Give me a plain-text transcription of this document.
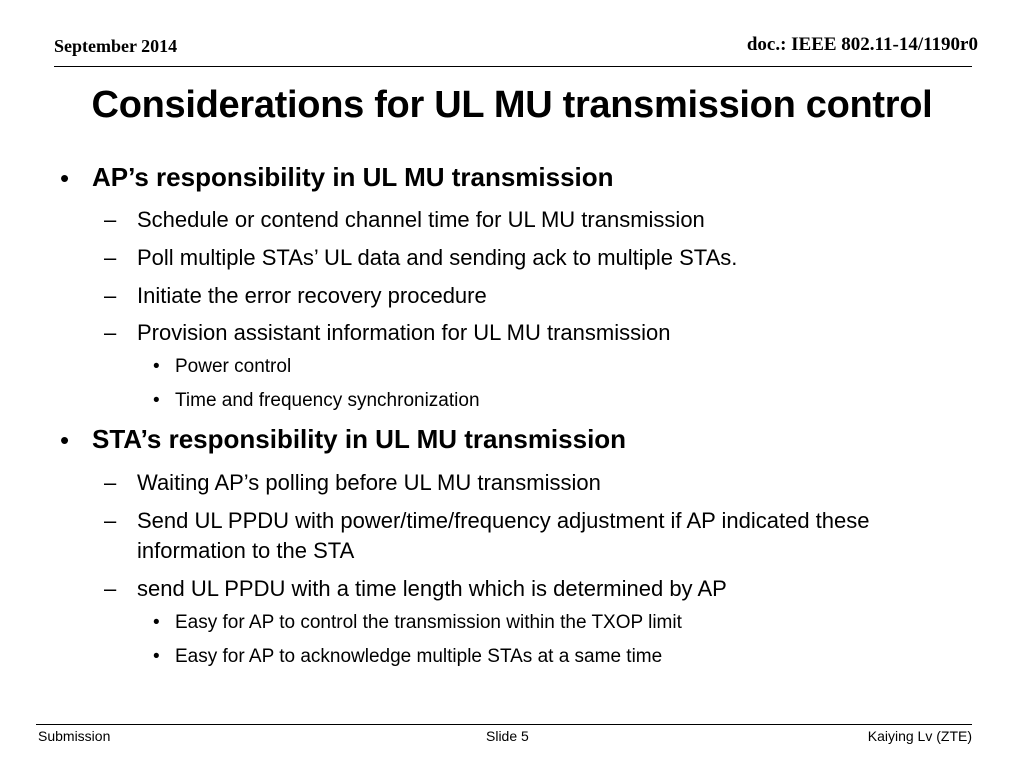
September 2014	doc.: IEEE 802.11-14/1190r0
Considerations for UL MU transmission control
• AP’s responsibility in UL MU transmission
– Schedule or contend channel time for UL MU transmission
– Poll multiple STAs’ UL data and sending ack to multiple STAs.
– Initiate the error recovery procedure
– Provision assistant information for UL MU transmission
• Power control
• Time and frequency synchronization
• STA’s responsibility in UL MU transmission
– Waiting AP’s polling before UL MU transmission
– Send UL PPDU with power/time/frequency adjustment if AP indicated these information to the STA
– send UL PPDU with a time length which is determined by AP
• Easy for AP to control the transmission within the TXOP limit
• Easy for AP to acknowledge multiple STAs at a same time
Submission	Slide 5	Kaiying Lv (ZTE)
